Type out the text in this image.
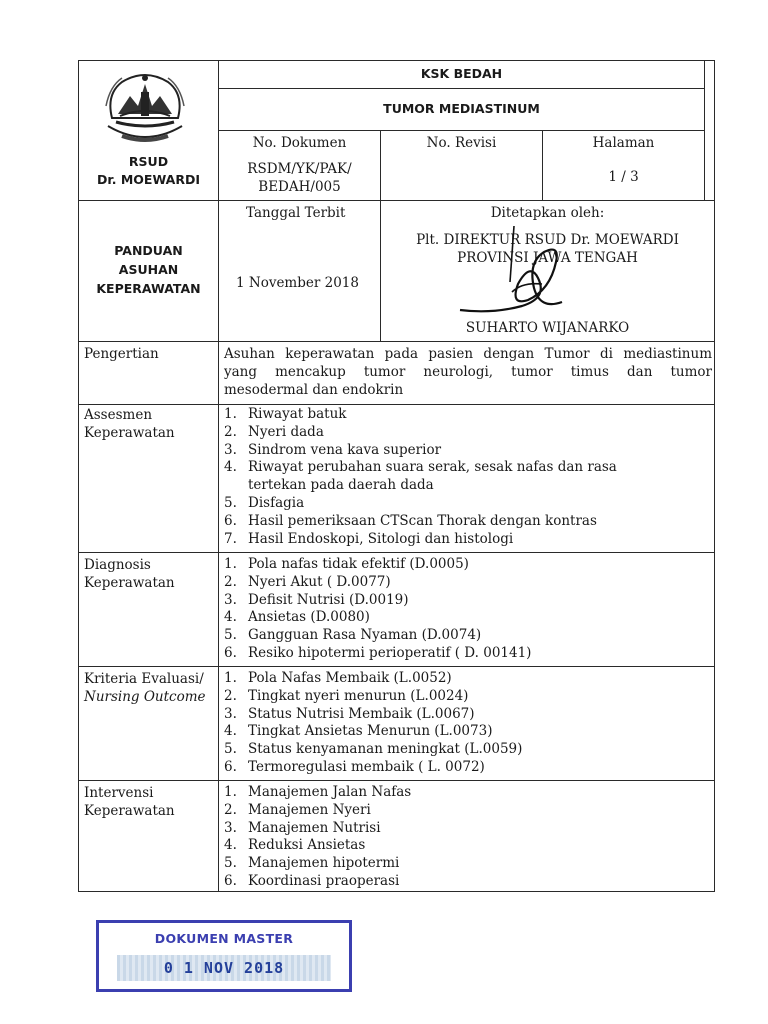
RSUD
Dr. MOEWARDI
KSK BEDAH
TUMOR MEDIASTINUM
No. Dokumen
RSDM/YK/PAK/
BEDAH/005
No. Revisi	Halaman
1 / 3
PANDUAN
ASUHAN
KEPERAWATAN
Tanggal Terbit
1 November 2018
Ditetapkan oleh:
Plt. DIREKTUR RSUD Dr. MOEWARDI
PROVINSI JAWA TENGAH
SUHARTO WIJANARKO
Pengertian	Asuhan keperawatan pada pasien dengan Tumor di mediastinum
yang mencakup tumor neurologi, tumor timus dan tumor
mesodermal dan endokrin
Assesmen
Keperawatan
1. Riwayat batuk
2. Nyeri dada
3. Sindrom vena kava superior
4. Riwayat perubahan suara serak, sesak nafas dan rasa
tertekan pada daerah dada
5. Disfagia
6. Hasil pemeriksaan CTScan Thorak dengan kontras
7. Hasil Endoskopi, Sitologi dan histologi
Diagnosis
Keperawatan
1. Pola nafas tidak efektif (D.0005)
2. Nyeri Akut ( D.0077)
3. Defisit Nutrisi (D.0019)
4. Ansietas (D.0080)
5. Gangguan Rasa Nyaman (D.0074)
6. Resiko hipotermi perioperatif ( D. 00141)
Kriteria Evaluasi/
Nursing Outcome
1. Pola Nafas Membaik (L.0052)
2. Tingkat nyeri menurun (L.0024)
3. Status Nutrisi Membaik (L.0067)
4. Tingkat Ansietas Menurun (L.0073)
5. Status kenyamanan meningkat (L.0059)
6. Termoregulasi membaik ( L. 0072)
Intervensi
Keperawatan
1. Manajemen Jalan Nafas
2. Manajemen Nyeri
3. Manajemen Nutrisi
4. Reduksi Ansietas
5. Manajemen hipotermi
6. Koordinasi praoperasi
DOKUMEN MASTER
0 1 NOV 2018
